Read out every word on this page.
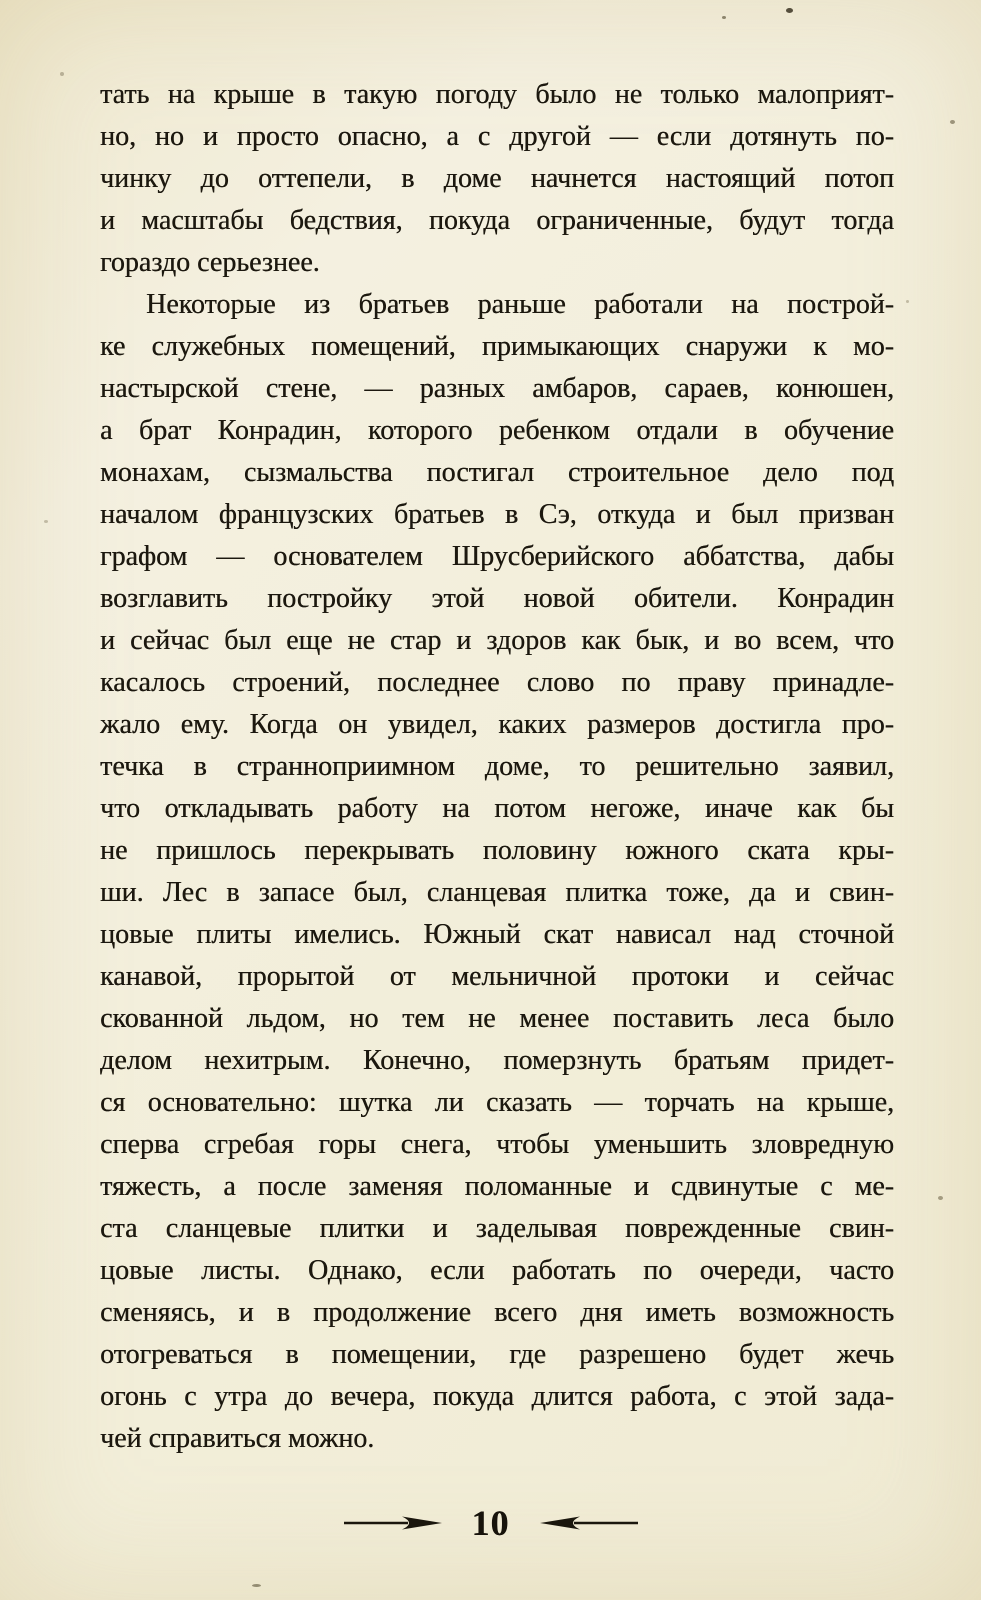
тать на крыше в такую погоду было не только малоприят-
но, но и просто опасно, а с другой — если дотянуть по-
чинку до оттепели, в доме начнется настоящий потоп
и масштабы бедствия, покуда ограниченные, будут тогда
гораздо серьезнее.
Некоторые из братьев раньше работали на построй-
ке служебных помещений, примыкающих снаружи к мо-
настырской стене, — разных амбаров, сараев, конюшен,
а брат Конрадин, которого ребенком отдали в обучение
монахам, сызмальства постигал строительное дело под
началом французских братьев в Сэ, откуда и был призван
графом — основателем Шрусберийского аббатства, дабы
возглавить постройку этой новой обители. Конрадин
и сейчас был еще не стар и здоров как бык, и во всем, что
касалось строений, последнее слово по праву принадле-
жало ему. Когда он увидел, каких размеров достигла про-
течка в странноприимном доме, то решительно заявил,
что откладывать работу на потом негоже, иначе как бы
не пришлось перекрывать половину южного ската кры-
ши. Лес в запасе был, сланцевая плитка тоже, да и свин-
цовые плиты имелись. Южный скат нависал над сточной
канавой, прорытой от мельничной протоки и сейчас
скованной льдом, но тем не менее поставить леса было
делом нехитрым. Конечно, померзнуть братьям придет-
ся основательно: шутка ли сказать — торчать на крыше,
сперва сгребая горы снега, чтобы уменьшить зловредную
тяжесть, а после заменяя поломанные и сдвинутые с ме-
ста сланцевые плитки и заделывая поврежденные свин-
цовые листы. Однако, если работать по очереди, часто
сменяясь, и в продолжение всего дня иметь возможность
отогреваться в помещении, где разрешено будет жечь
огонь с утра до вечера, покуда длится работа, с этой зада-
чей справиться можно.
10
